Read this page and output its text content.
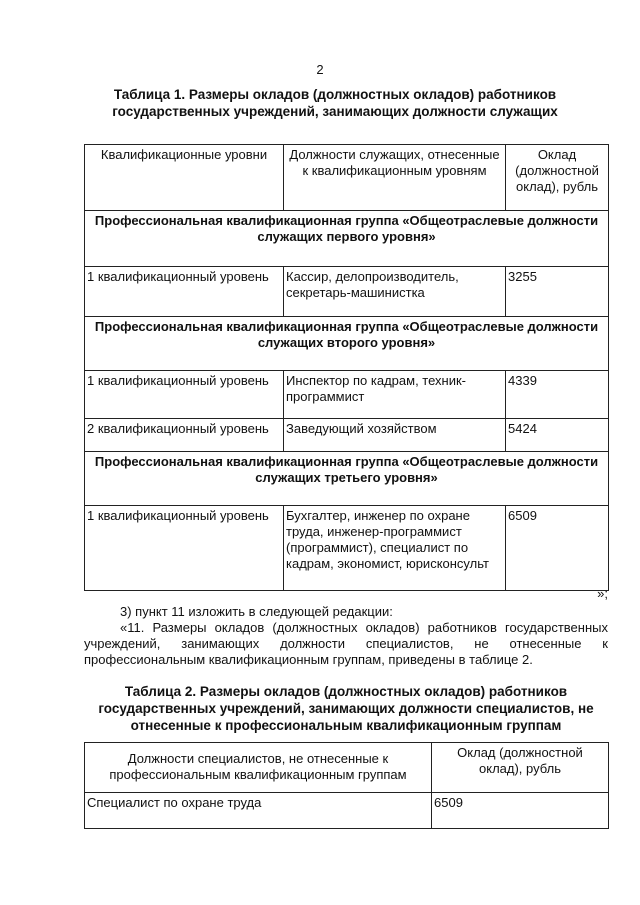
2
Таблица 1. Размеры окладов (должностных окладов) работников
государственных учреждений, занимающих должности служащих
Квалификационные уровни	Должности служащих, отнесенные к квалификационным уровням	Оклад (должностной оклад), рубль
Профессиональная квалификационная группа «Общеотраслевые должности служащих первого уровня»		
1 квалификационный уровень	Кассир, делопроизводитель, секретарь-машинистка	3255
Профессиональная квалификационная группа «Общеотраслевые должности служащих второго уровня»		
1 квалификационный уровень	Инспектор по кадрам, техник-программист	4339
2 квалификационный уровень	Заведующий хозяйством	5424
Профессиональная квалификационная группа «Общеотраслевые должности служащих третьего уровня»		
1 квалификационный уровень	Бухгалтер, инженер по охране труда, инженер-программист (программист), специалист по кадрам, экономист, юрисконсульт	6509
»;
3) пункт 11 изложить в следующей редакции:
«11. Размеры окладов (должностных окладов) работников государственных учреждений, занимающих должности специалистов, не отнесенные к профессиональным квалификационным группам, приведены в таблице 2.
Таблица 2. Размеры окладов (должностных окладов) работников
государственных учреждений, занимающих должности специалистов, не
отнесенные к профессиональным квалификационным группам
Должности специалистов, не отнесенные к профессиональным квалификационным группам	Оклад (должностной оклад), рубль
Специалист по охране труда	6509
